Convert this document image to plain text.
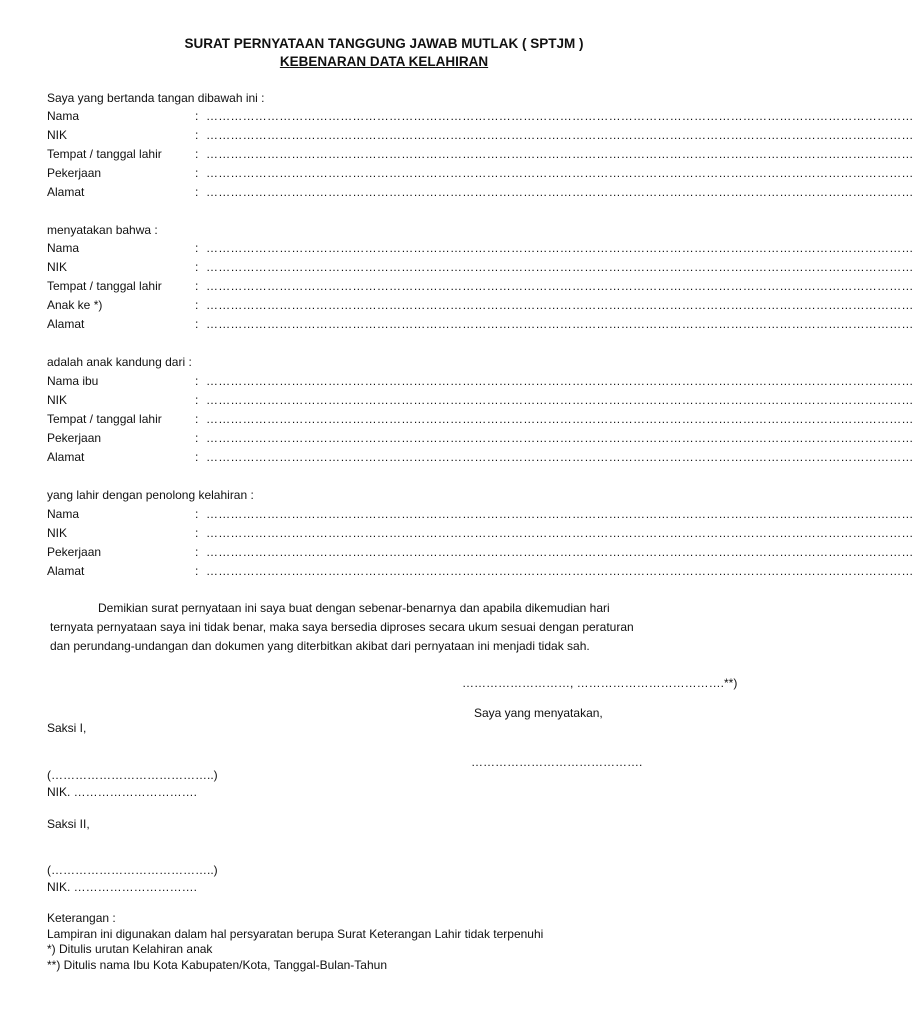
SURAT PERNYATAAN TANGGUNG JAWAB MUTLAK ( SPTJM )
KEBENARAN DATA KELAHIRAN
Saya yang bertanda tangan dibawah ini :
Nama	: …………………………………………………………………………………………………………………………………………………………
NIK	: …………………………………………………………………………………………………………………………………………………………
Tempat / tanggal lahir	: …………………………………………………………………………………………………………………………………………………………
Pekerjaan	: …………………………………………………………………………………………………………………………………………………………
Alamat	: …………………………………………………………………………………………………………………………………………………………
menyatakan bahwa :
Nama	: …………………………………………………………………………………………………………………………………………………………
NIK	: …………………………………………………………………………………………………………………………………………………………
Tempat / tanggal lahir	: …………………………………………………………………………………………………………………………………………………………
Anak ke *)	: …………………………………………………………………………………………………………………………………………………………
Alamat	: …………………………………………………………………………………………………………………………………………………………
adalah anak kandung dari :
Nama ibu	: …………………………………………………………………………………………………………………………………………………………
NIK	: …………………………………………………………………………………………………………………………………………………………
Tempat / tanggal lahir	: …………………………………………………………………………………………………………………………………………………………
Pekerjaan	: …………………………………………………………………………………………………………………………………………………………
Alamat	: …………………………………………………………………………………………………………………………………………………………
yang lahir dengan penolong kelahiran :
Nama	: …………………………………………………………………………………………………………………………………………………………
NIK	: …………………………………………………………………………………………………………………………………………………………
Pekerjaan	: …………………………………………………………………………………………………………………………………………………………
Alamat	: …………………………………………………………………………………………………………………………………………………………
Demikian surat pernyataan ini saya buat dengan sebenar-benarnya dan apabila dikemudian hari
ternyata pernyataan saya ini tidak benar, maka saya bersedia diproses secara ukum sesuai dengan peraturan
dan perundang-undangan dan dokumen yang diterbitkan akibat dari pernyataan ini menjadi tidak sah.
………………………, ……………………………….**)
Saya yang menyatakan,
…………………………………….
Saksi I,
(…………………………………..)
NIK. ………………………….
Saksi II,
(…………………………………..)
NIK. ………………………….
Keterangan :
Lampiran ini digunakan dalam hal persyaratan berupa Surat Keterangan Lahir tidak terpenuhi
*) Ditulis urutan Kelahiran anak
**) Ditulis nama Ibu Kota Kabupaten/Kota, Tanggal-Bulan-Tahun
